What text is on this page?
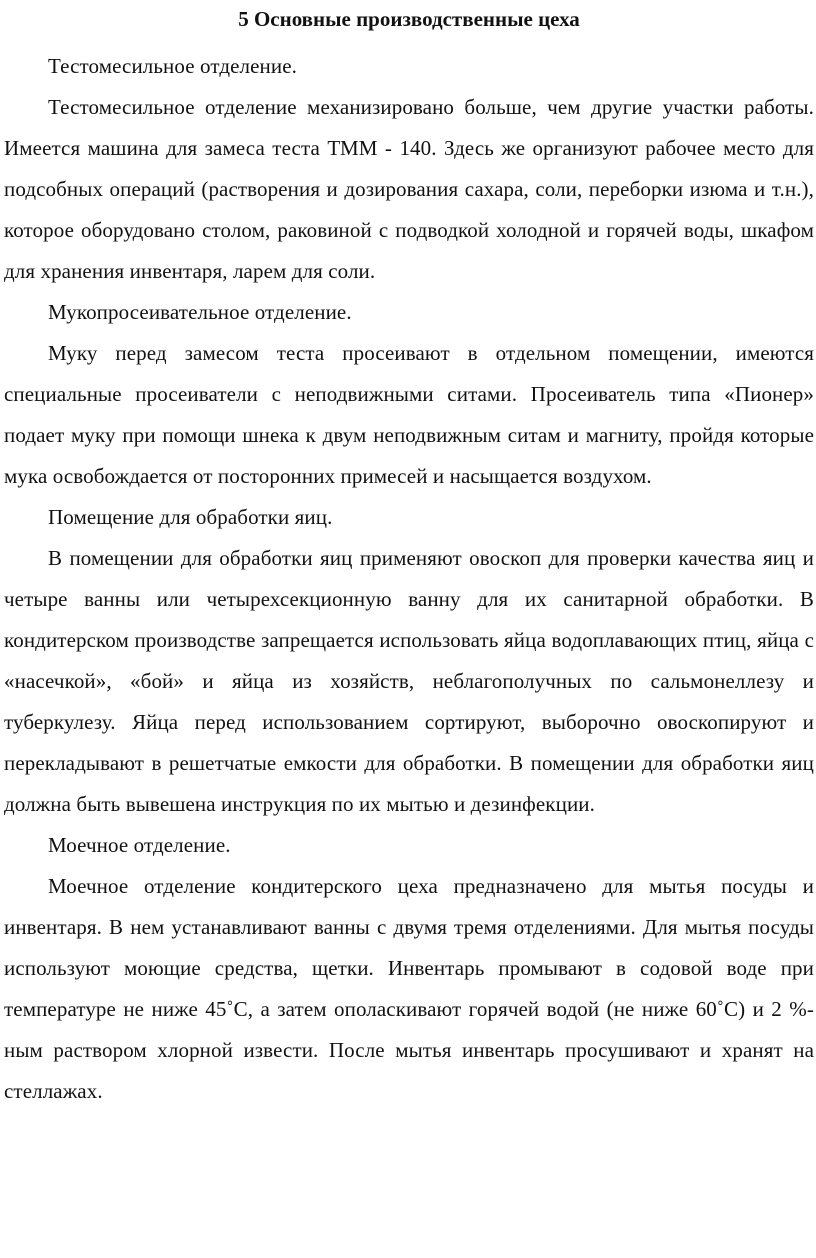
5 Основные производственные цеха

Тестомесильное отделение.

Тестомесильное отделение механизировано больше, чем другие участки работы. Имеется машина для замеса теста ТММ - 140. Здесь же организуют рабочее место для подсобных операций (растворения и дозирования сахара, соли, переборки изюма и т.н.), которое оборудовано столом, раковиной с подводкой холодной и горячей воды, шкафом для хранения инвентаря, ларем для соли.

Мукопросеивательное отделение.

Муку перед замесом теста просеивают в отдельном помещении, имеются специальные просеиватели с неподвижными ситами. Просеиватель типа «Пионер» подает муку при помощи шнека к двум неподвижным ситам и магниту, пройдя которые мука освобождается от посторонних примесей и насыщается воздухом.

Помещение для обработки яиц.

В помещении для обработки яиц применяют овоскоп для проверки качества яиц и четыре ванны или четырехсекционную ванну для их санитарной обработки. В кондитерском производстве запрещается использовать яйца водоплавающих птиц, яйца с «насечкой», «бой» и яйца из хозяйств, неблагополучных по сальмонеллезу и туберкулезу. Яйца перед использованием сортируют, выборочно овоскопируют и перекладывают в решетчатые емкости для обработки. В помещении для обработки яиц должна быть вывешена инструкция по их мытью и дезинфекции.

Моечное отделение.

Моечное отделение кондитерского цеха предназначено для мытья посуды и инвентаря. В нем устанавливают ванны с двумя тремя отделениями. Для мытья посуды используют моющие средства, щетки. Инвентарь промывают в содовой воде при температуре не ниже 45˚С, а затем ополаскивают горячей водой (не ниже 60˚С) и 2 %-ным раствором хлорной извести. После мытья инвентарь просушивают и хранят на стеллажах.
